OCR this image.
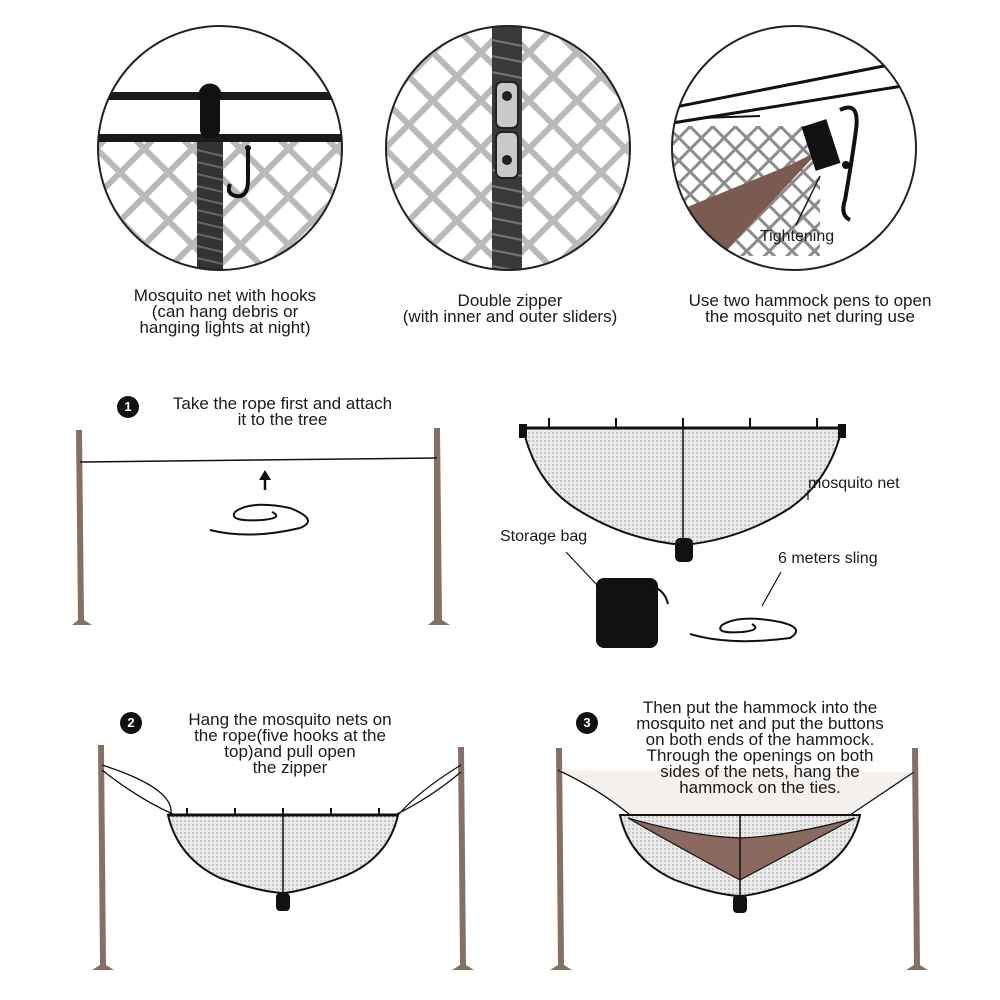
Mosquito net with hooks
(can hang debris or
hanging lights at night)
Double zipper
(with inner and outer sliders)
Use two hammock pens to open
the mosquito net during use
Tightening
1	Take the rope first and attach
it to the tree
mosquito net
Storage bag
6 meters sling
2	Hang the mosquito nets on
the rope(five hooks at the
top)and pull open
the zipper
3
Then put the hammock into the
mosquito net and put the buttons
on both ends of the hammock.
Through the openings on both
sides of the nets, hang the
hammock on the ties.
